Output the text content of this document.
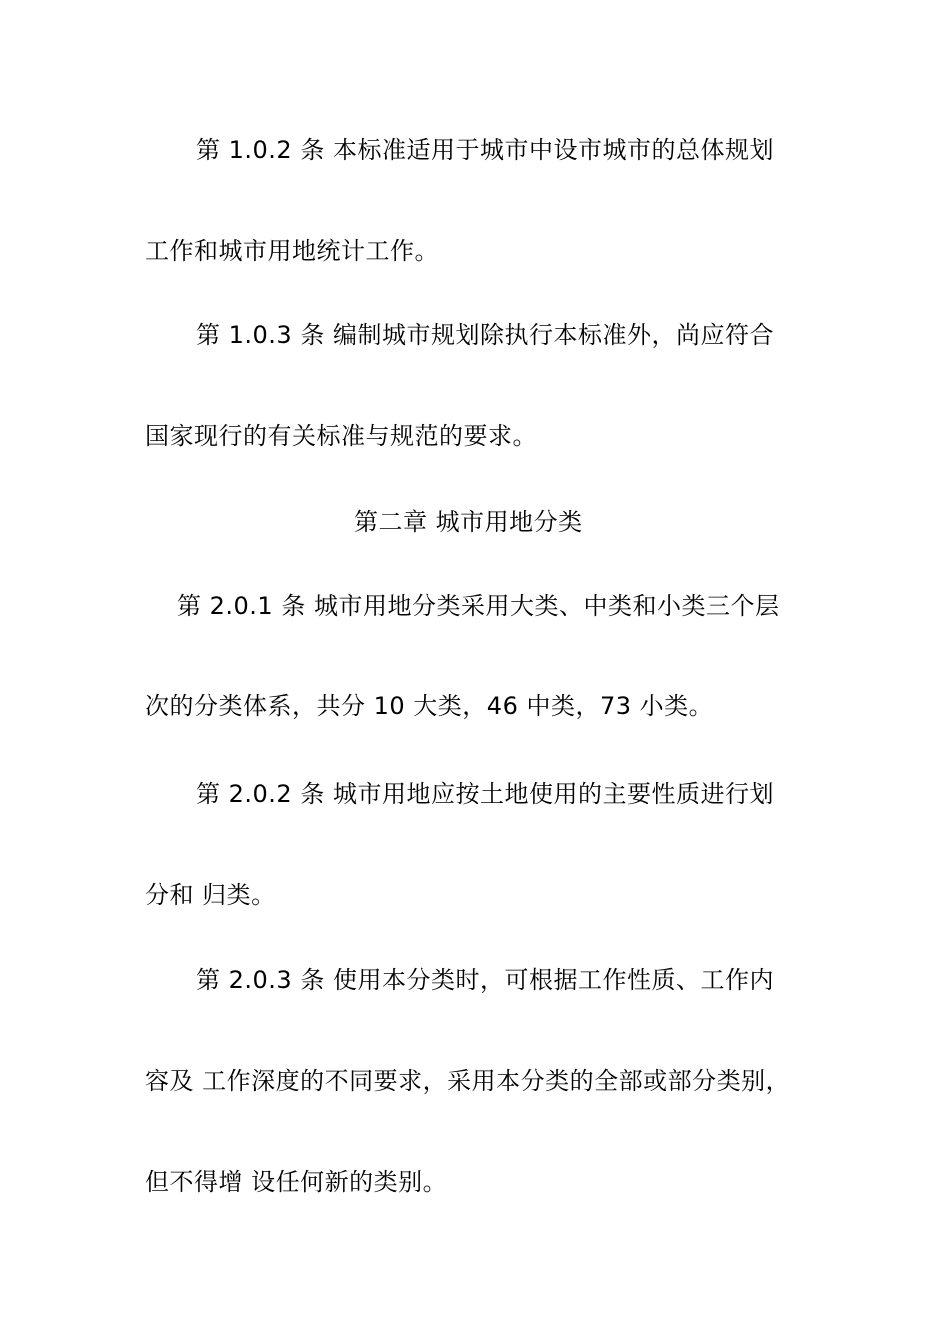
第 1.0.2 条 本标准适用于城市中设市城市的总体规划
工作和城市用地统计工作。
第 1.0.3 条 编制城市规划除执行本标准外，尚应符合
国家现行的有关标准与规范的要求。
第二章 城市用地分类
第 2.0.1 条 城市用地分类采用大类、中类和小类三个层
次的分类体系，共分 10 大类，46 中类，73 小类。
第 2.0.2 条 城市用地应按土地使用的主要性质进行划
分和 归类。
第 2.0.3 条 使用本分类时，可根据工作性质、工作内
容及 工作深度的不同要求，采用本分类的全部或部分类别，
但不得增 设任何新的类别。
